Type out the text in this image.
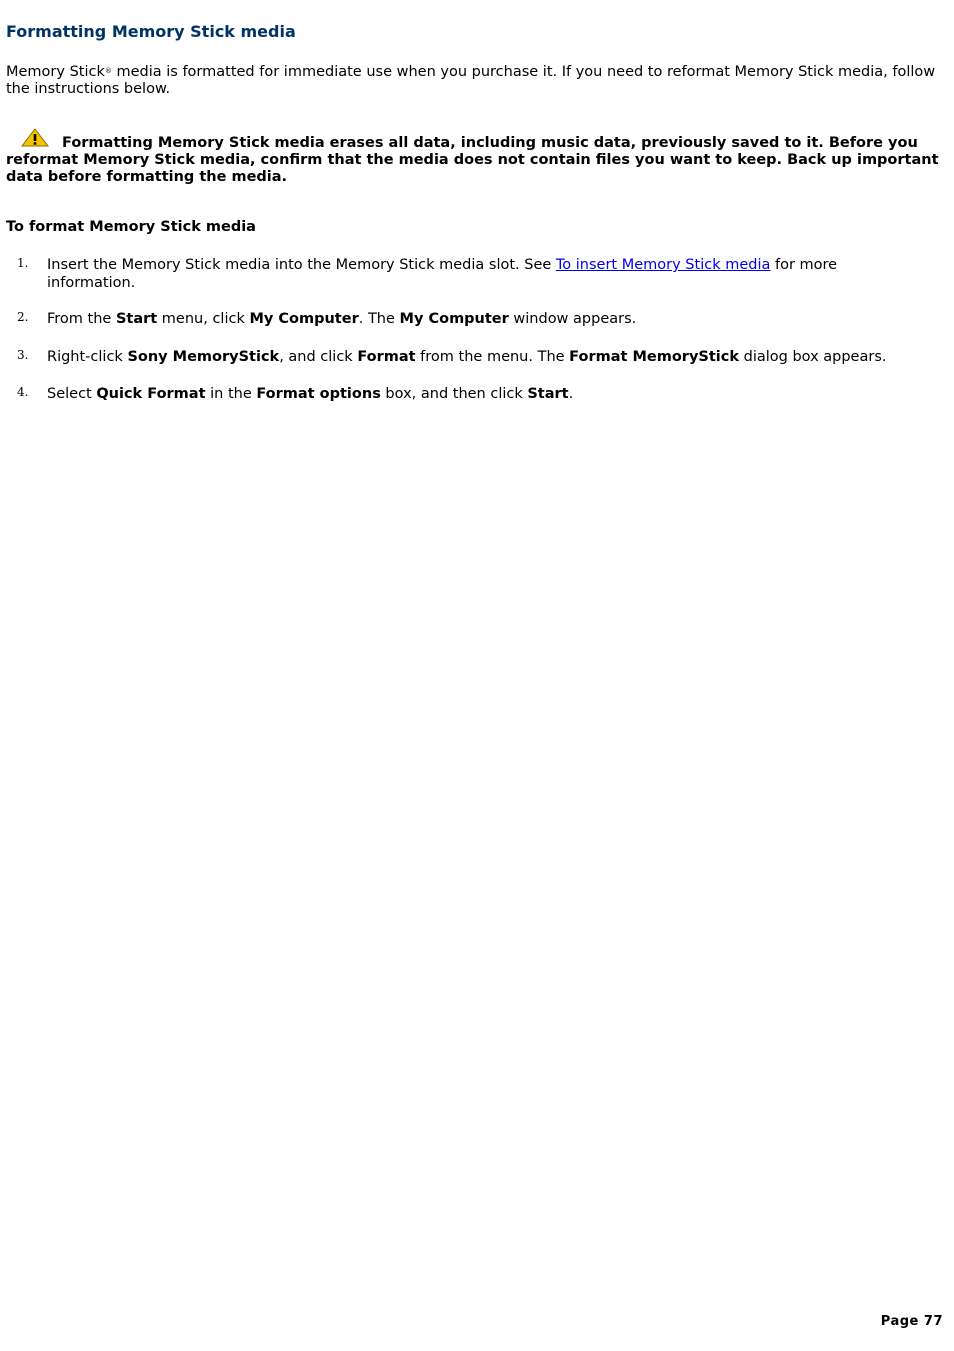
Formatting Memory Stick media

Memory Stick® media is formatted for immediate use when you purchase it. If you need to reformat Memory Stick media, follow the instructions below.

Formatting Memory Stick media erases all data, including music data, previously saved to it. Before you reformat Memory Stick media, confirm that the media does not contain files you want to keep. Back up important data before formatting the media.

To format Memory Stick media

1. Insert the Memory Stick media into the Memory Stick media slot. See To insert Memory Stick media for more information.
2. From the Start menu, click My Computer. The My Computer window appears.
3. Right-click Sony MemoryStick, and click Format from the menu. The Format MemoryStick dialog box appears.
4. Select Quick Format in the Format options box, and then click Start.

Page 77
